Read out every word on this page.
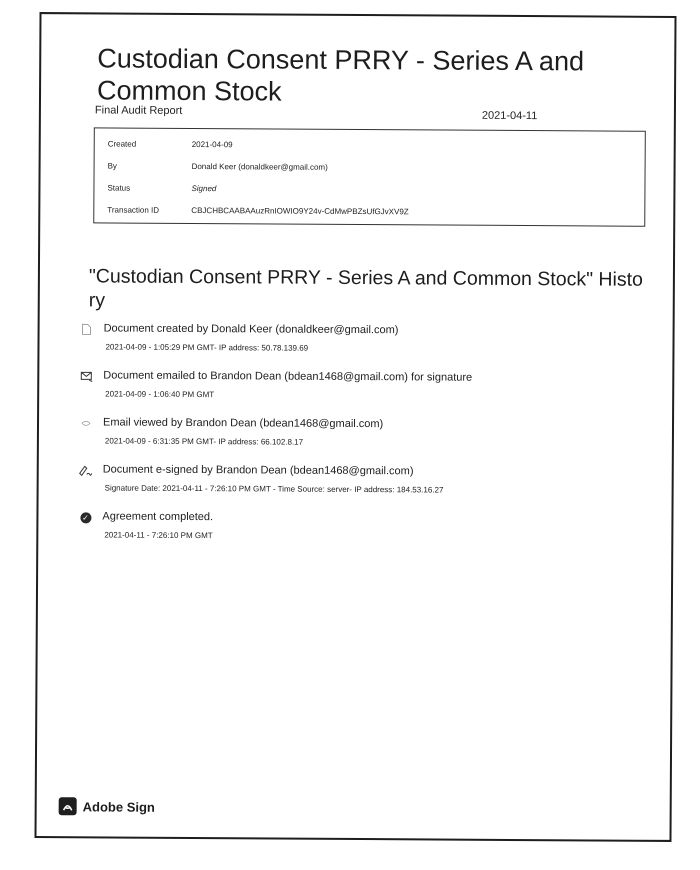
Custodian Consent PRRY - Series A and Common Stock
Final Audit Report	2021-04-11
Created	2021-04-09
By	Donald Keer (donaldkeer@gmail.com)
Status	Signed
Transaction ID	CBJCHBCAABAAuzRnIOWIO9Y24v-CdMwPBZsUfGJvXV9Z
"Custodian Consent PRRY - Series A and Common Stock" History
Document created by Donald Keer (donaldkeer@gmail.com)
2021-04-09 - 1:05:29 PM GMT- IP address: 50.78.139.69
Document emailed to Brandon Dean (bdean1468@gmail.com) for signature
2021-04-09 - 1:06:40 PM GMT
Email viewed by Brandon Dean (bdean1468@gmail.com)
2021-04-09 - 6:31:35 PM GMT- IP address: 66.102.8.17
Document e-signed by Brandon Dean (bdean1468@gmail.com)
Signature Date: 2021-04-11 - 7:26:10 PM GMT - Time Source: server- IP address: 184.53.16.27
✓ Agreement completed.
2021-04-11 - 7:26:10 PM GMT
Adobe Sign
